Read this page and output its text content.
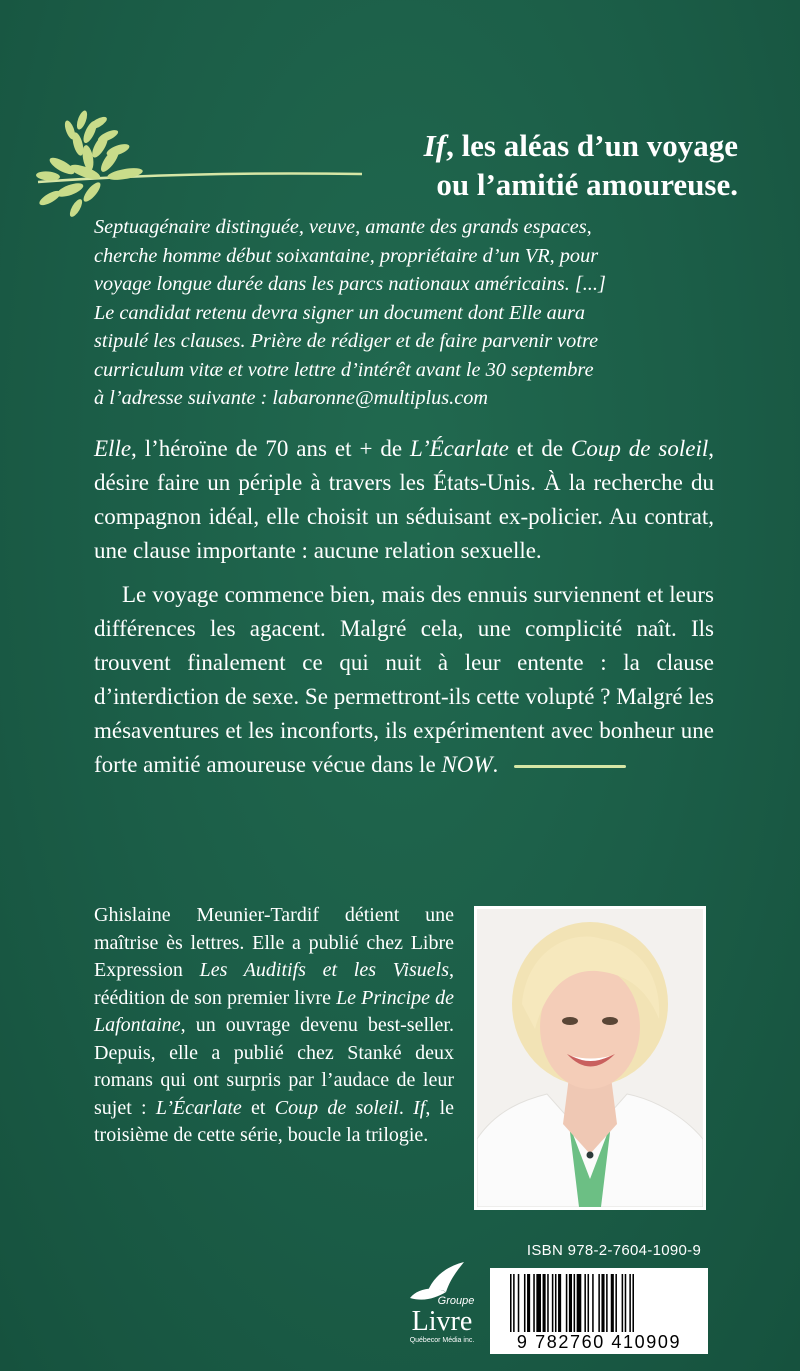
If, les aléas d’un voyage
ou l’amitié amoureuse.

Septuagénaire distinguée, veuve, amante des grands espaces,

cherche homme début soixantaine, propriétaire d’un VR, pour

voyage longue durée dans les parcs nationaux américains. [...]

Le candidat retenu devra signer un document dont Elle aura

stipulé les clauses. Prière de rédiger et de faire parvenir votre

curriculum vitæ et votre lettre d’intérêt avant le 30 septembre

à l’adresse suivante : labaronne@multiplus.com

Elle, l’héroïne de 70 ans et + de L’Écarlate et de Coup de soleil, désire faire un périple à travers les États-Unis. À la recherche du compagnon idéal, elle choisit un séduisant ex-policier. Au contrat, une clause importante : aucune relation sexuelle.

Le voyage commence bien, mais des ennuis surviennent et leurs différences les agacent. Malgré cela, une complicité naît. Ils trouvent finalement ce qui nuit à leur entente : la clause d’interdiction de sexe. Se permettront-ils cette volupté ? Malgré les mésaventures et les inconforts, ils expérimentent avec bonheur une forte amitié amoureuse vécue dans le NOW.

Ghislaine Meunier-Tardif détient une maîtrise ès lettres. Elle a publié chez Libre Expression Les Auditifs et les Visuels, réédition de son premier livre Le Principe de Lafontaine, un ouvrage devenu best-seller. Depuis, elle a publié chez Stanké deux romans qui ont surpris par l’audace de leur sujet : L’Écarlate et Coup de soleil. If, le troisième de cette série, boucle la trilogie.

Groupe
Livre
Québecor Média inc.
ISBN 978-2-7604-1090-9
9 782760 410909
